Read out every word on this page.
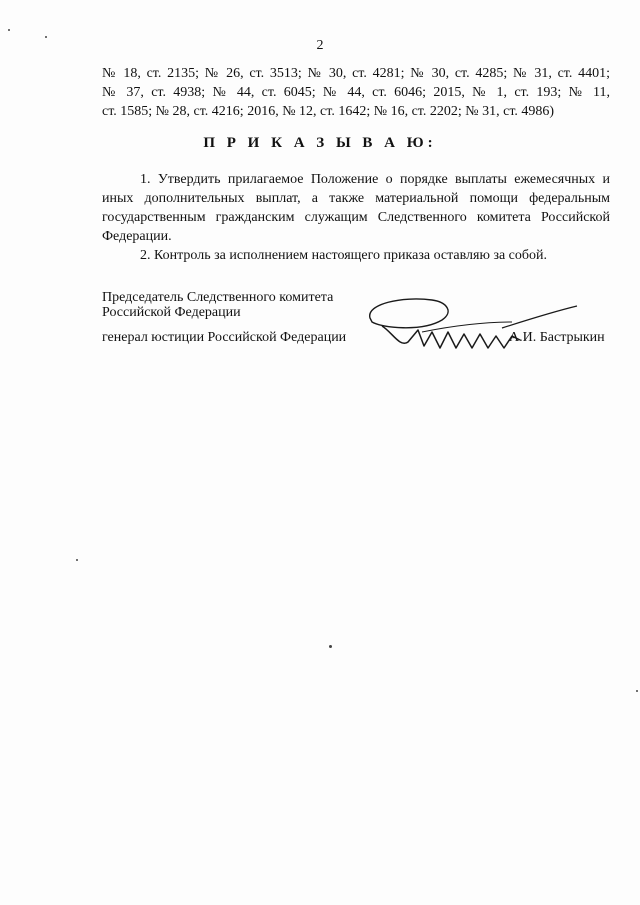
2
№ 18, ст. 2135; № 26, ст. 3513; № 30, ст. 4281; № 30, ст. 4285; № 31, ст. 4401;
№ 37, ст. 4938; № 44, ст. 6045; № 44, ст. 6046; 2015, № 1, ст. 193; № 11,
ст. 1585; № 28, ст. 4216; 2016, № 12, ст. 1642; № 16, ст. 2202; № 31, ст. 4986)
П Р И К А З Ы В А Ю:
1. Утвердить прилагаемое Положение о порядке выплаты ежемесячных и
иных дополнительных выплат, а также материальной помощи федеральным
государственным гражданским служащим Следственного комитета Российской
Федерации.
2. Контроль за исполнением настоящего приказа оставляю за собой.
Председатель Следственного комитета
Российской Федерации
генерал юстиции Российской Федерации	А.И. Бастрыкин
